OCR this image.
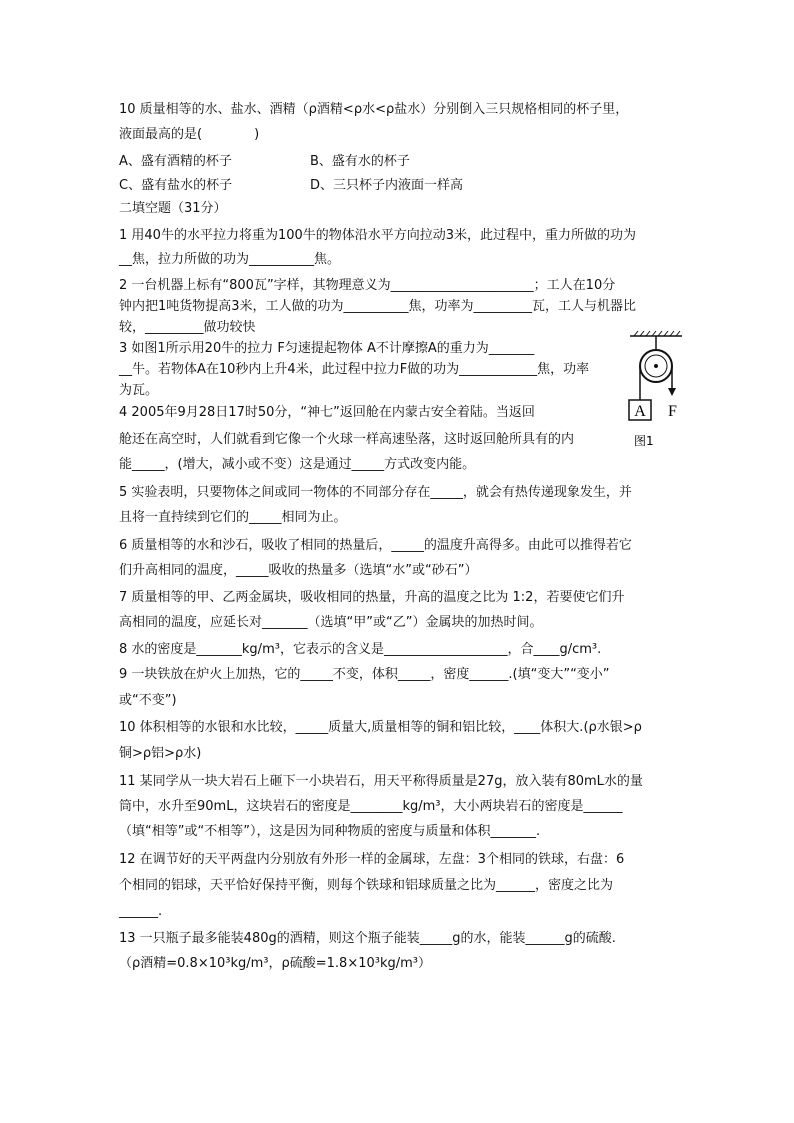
10 质量相等的水、盐水、酒精（ρ酒精<ρ水<ρ盐水）分别倒入三只规格相同的杯子里，
液面最高的是(　　　　)
A、盛有酒精的杯子	B、盛有水的杯子
C、盛有盐水的杯子	D、三只杯子内液面一样高
二填空题（31分）
1 用40牛的水平拉力将重为100牛的物体沿水平方向拉动3米，此过程中，重力所做的功为
__焦，拉力所做的功为__________焦。
2 一台机器上标有“800瓦”字样，其物理意义为______________________；工人在10分
钟内把1吨货物提高3米，工人做的功为__________焦，功率为_________瓦，工人与机器比
较，_________做功较快
3 如图1所示用20牛的拉力 F匀速提起物体 A不计摩擦A的重力为_______
__牛。若物体A在10秒内上升4米，此过程中拉力F做的功为____________焦，功率
为瓦。
4 2005年9月28日17时50分，“神七”返回舱在内蒙古安全着陆。当返回
舱还在高空时，人们就看到它像一个火球一样高速坠落，这时返回舱所具有的内
能_____，(增大，减小或不变）这是通过_____方式改变内能。
5 实验表明，只要物体之间或同一物体的不同部分存在_____，就会有热传递现象发生，并
且将一直持续到它们的_____相同为止。
6 质量相等的水和沙石，吸收了相同的热量后，_____的温度升高得多。由此可以推得若它
们升高相同的温度，_____吸收的热量多（选填“水”或“砂石”）
7 质量相等的甲、乙两金属块，吸收相同的热量，升高的温度之比为 1:2，若要使它们升
高相同的温度，应延长对_______（选填“甲”或“乙”）金属块的加热时间。
8 水的密度是_______kg/m³，它表示的含义是___________________，合____g/cm³.
9 一块铁放在炉火上加热，它的_____不变，体积_____，密度______.(填“变大”“变小”
或“不变”)
10 体积相等的水银和水比较，_____质量大,质量相等的铜和铝比较，____体积大.(ρ水银>ρ
铜>ρ铝>ρ水)
11 某同学从一块大岩石上砸下一小块岩石，用天平称得质量是27g，放入装有80mL水的量
筒中，水升至90mL，这块岩石的密度是________kg/m³，大小两块岩石的密度是______
（填“相等”或“不相等”），这是因为同种物质的密度与质量和体积_______.
12 在调节好的天平两盘内分别放有外形一样的金属球，左盘：3个相同的铁球，右盘：6
个相同的铝球，天平恰好保持平衡，则每个铁球和铝球质量之比为______，密度之比为
______.
13 一只瓶子最多能装480g的酒精，则这个瓶子能装_____g的水，能装______g的硫酸.
（ρ酒精=0.8×10³kg/m³，ρ硫酸=1.8×10³kg/m³）
A F
图1
